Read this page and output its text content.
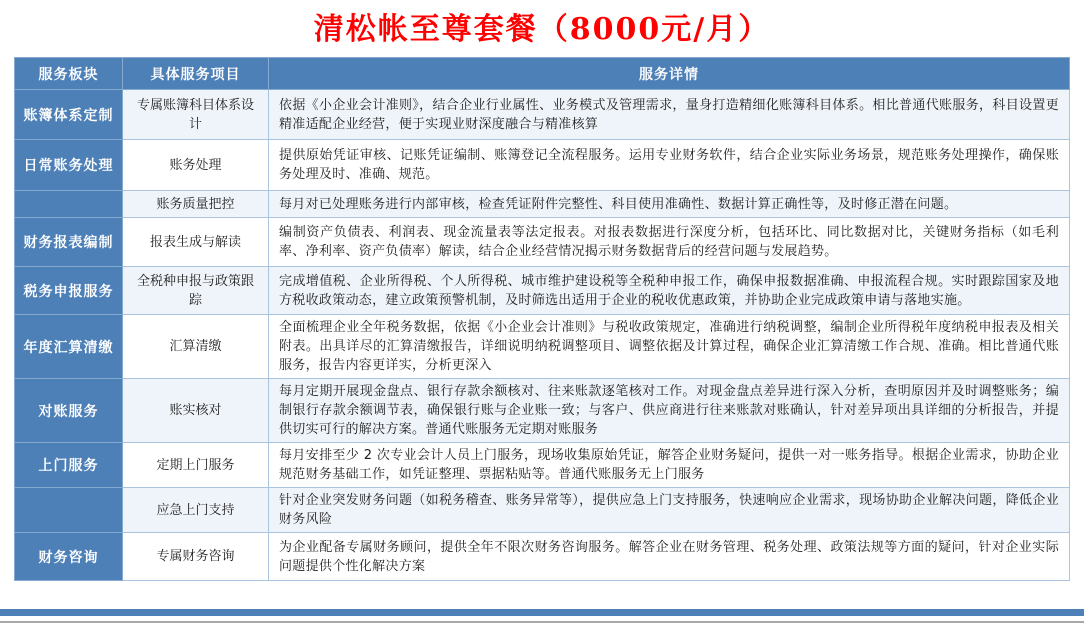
清松帐至尊套餐（8000元/月）
服务板块	具体服务项目	服务详情
账簿体系定制	专属账簿科目体系设计	依据《小企业会计准则》，结合企业行业属性、业务模式及管理需求，量身打造精细化账簿科目体系。相比普通代账服务，科目设置更精准适配企业经营，便于实现业财深度融合与精准核算
日常账务处理	账务处理	提供原始凭证审核、记账凭证编制、账簿登记全流程服务。运用专业财务软件，结合企业实际业务场景，规范账务处理操作，确保账务处理及时、准确、规范。
	账务质量把控	每月对已处理账务进行内部审核，检查凭证附件完整性、科目使用准确性、数据计算正确性等，及时修正潜在问题。
财务报表编制	报表生成与解读	编制资产负债表、利润表、现金流量表等法定报表。对报表数据进行深度分析，包括环比、同比数据对比，关键财务指标（如毛利率、净利率、资产负债率）解读，结合企业经营情况揭示财务数据背后的经营问题与发展趋势。
税务申报服务	全税种申报与政策跟踪	完成增值税、企业所得税、个人所得税、城市维护建设税等全税种申报工作，确保申报数据准确、申报流程合规。实时跟踪国家及地方税收政策动态，建立政策预警机制，及时筛选出适用于企业的税收优惠政策，并协助企业完成政策申请与落地实施。
年度汇算清缴	汇算清缴	全面梳理企业全年税务数据，依据《小企业会计准则》与税收政策规定，准确进行纳税调整，编制企业所得税年度纳税申报表及相关附表。出具详尽的汇算清缴报告，详细说明纳税调整项目、调整依据及计算过程，确保企业汇算清缴工作合规、准确。相比普通代账服务，报告内容更详实，分析更深入
对账服务	账实核对	每月定期开展现金盘点、银行存款余额核对、往来账款逐笔核对工作。对现金盘点差异进行深入分析，查明原因并及时调整账务；编制银行存款余额调节表，确保银行账与企业账一致；与客户、供应商进行往来账款对账确认，针对差异项出具详细的分析报告，并提供切实可行的解决方案。普通代账服务无定期对账服务
上门服务	定期上门服务	每月安排至少 2 次专业会计人员上门服务，现场收集原始凭证，解答企业财务疑问，提供一对一账务指导。根据企业需求，协助企业规范财务基础工作，如凭证整理、票据粘贴等。普通代账服务无上门服务
	应急上门支持	针对企业突发财务问题（如税务稽查、账务异常等），提供应急上门支持服务，快速响应企业需求，现场协助企业解决问题，降低企业财务风险
财务咨询	专属财务咨询	为企业配备专属财务顾问，提供全年不限次财务咨询服务。解答企业在财务管理、税务处理、政策法规等方面的疑问，针对企业实际问题提供个性化解决方案
